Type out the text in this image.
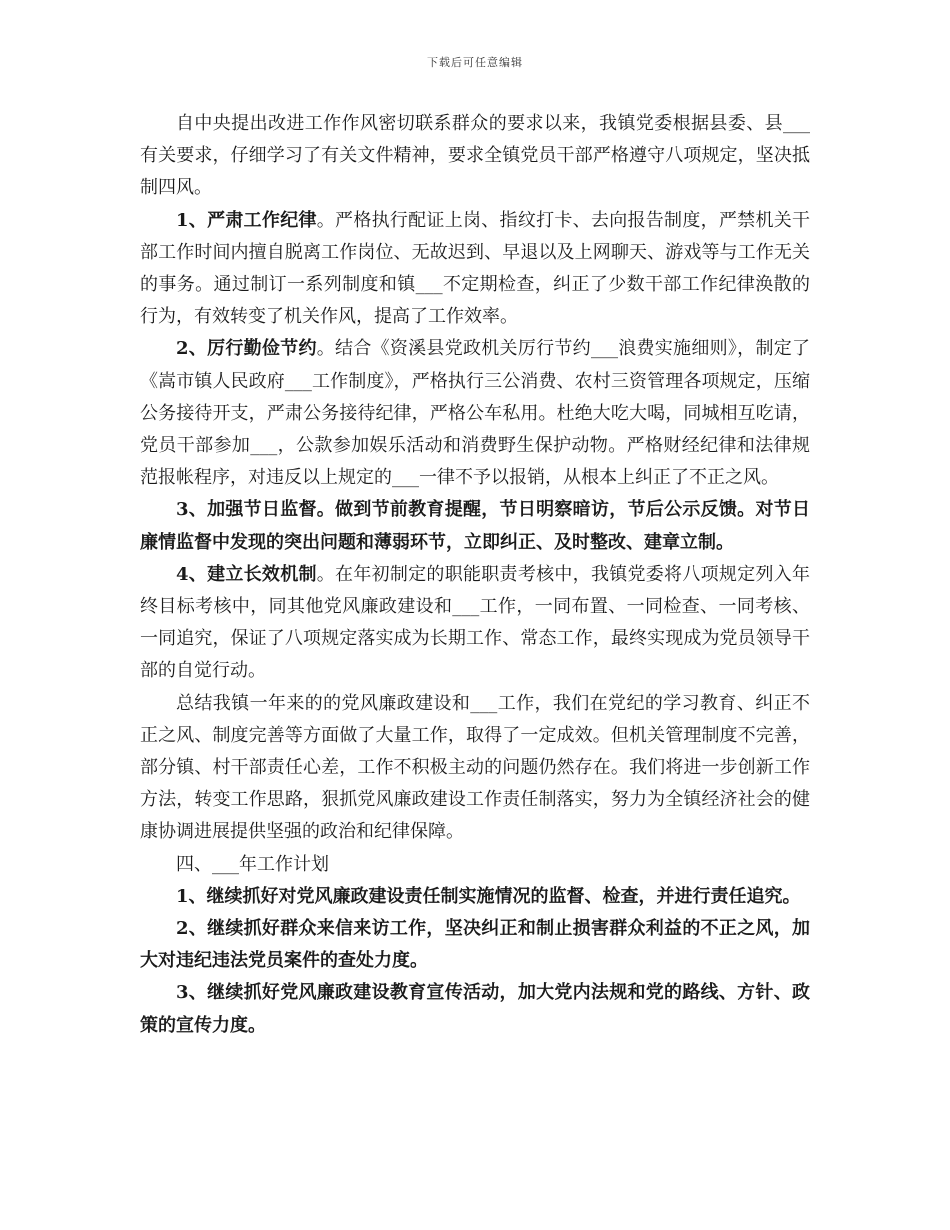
下载后可任意编辑

自中央提出改进工作作风密切联系群众的要求以来，我镇党委根据县委、县___有关要求，仔细学习了有关文件精神，要求全镇党员干部严格遵守八项规定，坚决抵制四风。

1、严肃工作纪律。严格执行配证上岗、指纹打卡、去向报告制度，严禁机关干部工作时间内擅自脱离工作岗位、无故迟到、早退以及上网聊天、游戏等与工作无关的事务。通过制订一系列制度和镇___不定期检查，纠正了少数干部工作纪律涣散的行为，有效转变了机关作风，提高了工作效率。

2、厉行勤俭节约。结合《资溪县党政机关厉行节约___浪费实施细则》，制定了《嵩市镇人民政府___工作制度》，严格执行三公消费、农村三资管理各项规定，压缩公务接待开支，严肃公务接待纪律，严格公车私用。杜绝大吃大喝，同城相互吃请，党员干部参加___，公款参加娱乐活动和消费野生保护动物。严格财经纪律和法律规范报帐程序，对违反以上规定的___一律不予以报销，从根本上纠正了不正之风。

3、加强节日监督。做到节前教育提醒，节日明察暗访，节后公示反馈。对节日廉情监督中发现的突出问题和薄弱环节，立即纠正、及时整改、建章立制。

4、建立长效机制。在年初制定的职能职责考核中，我镇党委将八项规定列入年终目标考核中，同其他党风廉政建设和___工作，一同布置、一同检查、一同考核、一同追究，保证了八项规定落实成为长期工作、常态工作，最终实现成为党员领导干部的自觉行动。

总结我镇一年来的的党风廉政建设和___工作，我们在党纪的学习教育、纠正不正之风、制度完善等方面做了大量工作，取得了一定成效。但机关管理制度不完善，部分镇、村干部责任心差，工作不积极主动的问题仍然存在。我们将进一步创新工作方法，转变工作思路，狠抓党风廉政建设工作责任制落实，努力为全镇经济社会的健康协调进展提供坚强的政治和纪律保障。

四、___年工作计划

1、继续抓好对党风廉政建设责任制实施情况的监督、检查，并进行责任追究。

2、继续抓好群众来信来访工作，坚决纠正和制止损害群众利益的不正之风，加大对违纪违法党员案件的查处力度。

3、继续抓好党风廉政建设教育宣传活动，加大党内法规和党的路线、方针、政策的宣传力度。
